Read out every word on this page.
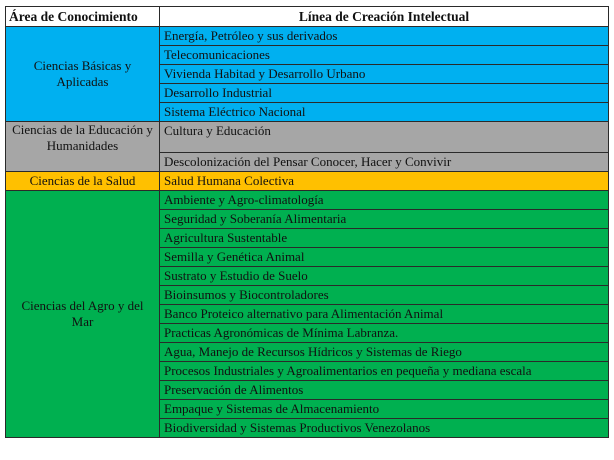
Área de Conocimiento	Línea de Creación Intelectual
Ciencias Básicas y Aplicadas	Energía, Petróleo y sus derivados
	Telecomunicaciones
	Vivienda Habitad y Desarrollo Urbano
	Desarrollo Industrial
	Sistema Eléctrico Nacional
Ciencias de la Educación y Humanidades	Cultura y Educación
	Descolonización del Pensar Conocer, Hacer y Convivir
Ciencias de la Salud	Salud Humana Colectiva
Ciencias del Agro y del Mar	Ambiente y Agro-climatología
	Seguridad y Soberanía Alimentaria
	Agricultura Sustentable
	Semilla y Genética Animal
	Sustrato y Estudio de Suelo
	Bioinsumos y Biocontroladores
	Banco Proteico alternativo para Alimentación Animal
	Practicas Agronómicas de Mínima Labranza.
	Agua, Manejo de Recursos Hídricos y Sistemas de Riego
	Procesos Industriales y Agroalimentarios en pequeña y mediana escala
	Preservación de Alimentos
	Empaque y Sistemas de Almacenamiento
	Biodiversidad y Sistemas Productivos Venezolanos
